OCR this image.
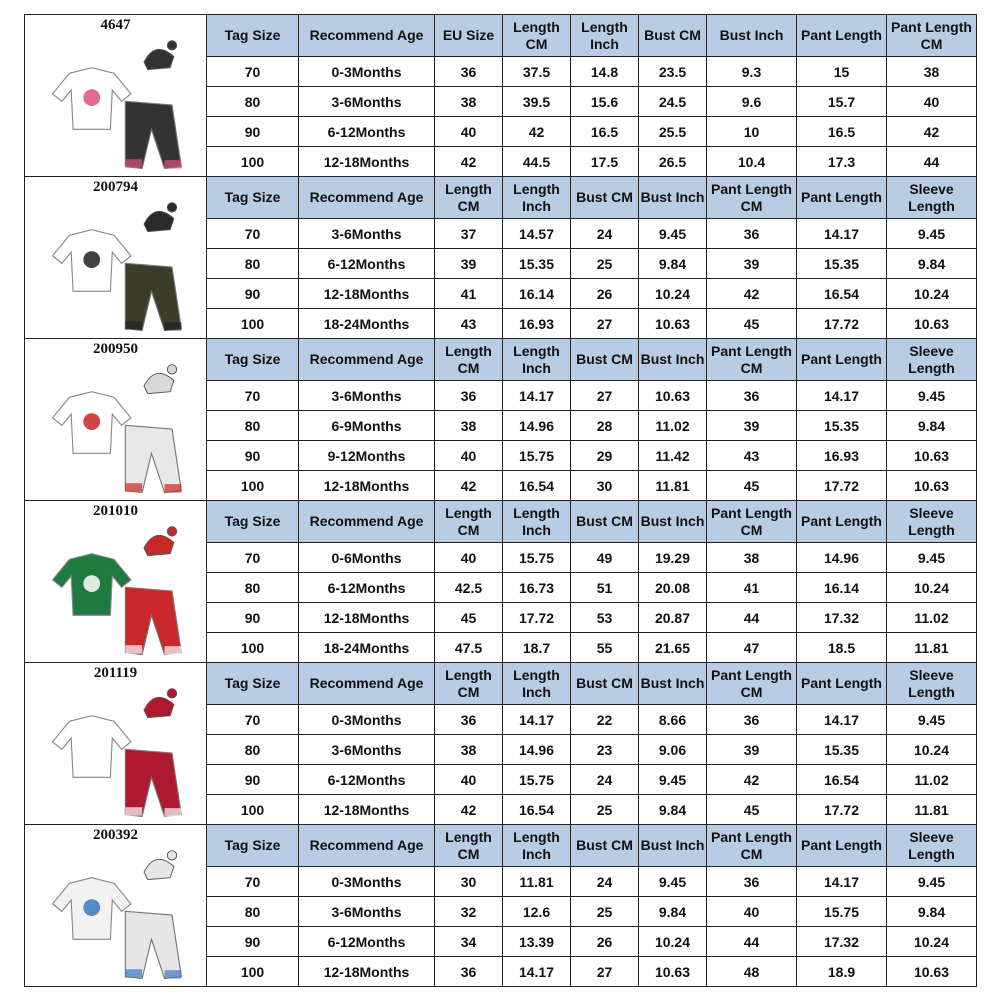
4647	Tag Size	Recommend Age	EU Size	Length CM	Length Inch	Bust CM	Bust Inch	Pant Length	Pant Length CM
	70	0-3Months	36	37.5	14.8	23.5	9.3	15	38
	80	3-6Months	38	39.5	15.6	24.5	9.6	15.7	40
	90	6-12Months	40	42	16.5	25.5	10	16.5	42
	100	12-18Months	42	44.5	17.5	26.5	10.4	17.3	44

200794	Tag Size	Recommend Age	Length CM	Length Inch	Bust CM	Bust Inch	Pant Length CM	Pant Length	Sleeve Length
	70	3-6Months	37	14.57	24	9.45	36	14.17	9.45
	80	6-12Months	39	15.35	25	9.84	39	15.35	9.84
	90	12-18Months	41	16.14	26	10.24	42	16.54	10.24
	100	18-24Months	43	16.93	27	10.63	45	17.72	10.63

200950	Tag Size	Recommend Age	Length CM	Length Inch	Bust CM	Bust Inch	Pant Length CM	Pant Length	Sleeve Length
	70	3-6Months	36	14.17	27	10.63	36	14.17	9.45
	80	6-9Months	38	14.96	28	11.02	39	15.35	9.84
	90	9-12Months	40	15.75	29	11.42	43	16.93	10.63
	100	12-18Months	42	16.54	30	11.81	45	17.72	10.63

201010	Tag Size	Recommend Age	Length CM	Length Inch	Bust CM	Bust Inch	Pant Length CM	Pant Length	Sleeve Length
	70	0-6Months	40	15.75	49	19.29	38	14.96	9.45
	80	6-12Months	42.5	16.73	51	20.08	41	16.14	10.24
	90	12-18Months	45	17.72	53	20.87	44	17.32	11.02
	100	18-24Months	47.5	18.7	55	21.65	47	18.5	11.81

201119	Tag Size	Recommend Age	Length CM	Length Inch	Bust CM	Bust Inch	Pant Length CM	Pant Length	Sleeve Length
	70	0-3Months	36	14.17	22	8.66	36	14.17	9.45
	80	3-6Months	38	14.96	23	9.06	39	15.35	10.24
	90	6-12Months	40	15.75	24	9.45	42	16.54	11.02
	100	12-18Months	42	16.54	25	9.84	45	17.72	11.81

200392	Tag Size	Recommend Age	Length CM	Length Inch	Bust CM	Bust Inch	Pant Length CM	Pant Length	Sleeve Length
	70	0-3Months	30	11.81	24	9.45	36	14.17	9.45
	80	3-6Months	32	12.6	25	9.84	40	15.75	9.84
	90	6-12Months	34	13.39	26	10.24	44	17.32	10.24
	100	12-18Months	36	14.17	27	10.63	48	18.9	10.63
